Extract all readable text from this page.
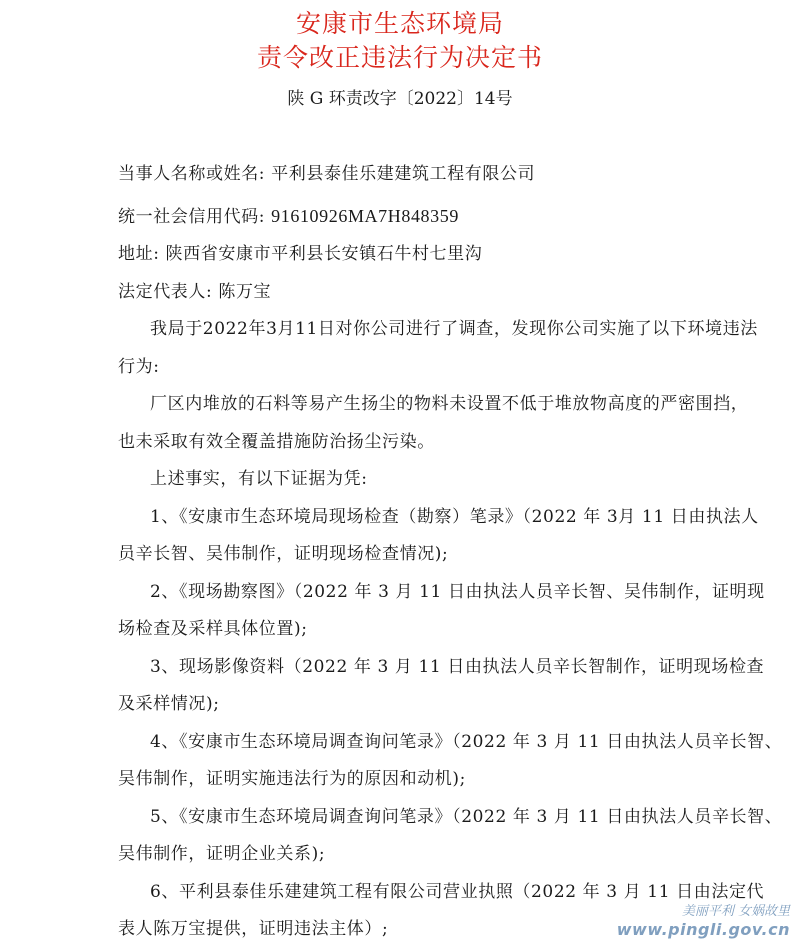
安康市生态环境局
责令改正违法行为决定书
陕 G 环责改字〔2022〕14号
当事人名称或姓名: 平利县泰佳乐建建筑工程有限公司
统一社会信用代码: 91610926MA7H848359
地址: 陕西省安康市平利县长安镇石牛村七里沟
法定代表人: 陈万宝
我局于2022年3月11日对你公司进行了调查，发现你公司实施了以下环境违法
行为:
厂区内堆放的石料等易产生扬尘的物料未设置不低于堆放物高度的严密围挡，
也未采取有效全覆盖措施防治扬尘污染。
上述事实，有以下证据为凭:
1、《安康市生态环境局现场检查（勘察）笔录》（2022 年 3月 11 日由执法人
员辛长智、吴伟制作，证明现场检查情况);
2、《现场勘察图》（2022 年 3 月 11 日由执法人员辛长智、吴伟制作，证明现
场检查及采样具体位置);
3、现场影像资料（2022 年 3 月 11 日由执法人员辛长智制作，证明现场检查
及采样情况);
4、《安康市生态环境局调查询问笔录》（2022 年 3 月 11 日由执法人员辛长智、
吴伟制作，证明实施违法行为的原因和动机);
5、《安康市生态环境局调查询问笔录》（2022 年 3 月 11 日由执法人员辛长智、
吴伟制作，证明企业关系);
6、平利县泰佳乐建建筑工程有限公司营业执照（2022 年 3 月 11 日由法定代
表人陈万宝提供，证明违法主体）;
美丽平利 女娲故里
www.pingli.gov.cn
